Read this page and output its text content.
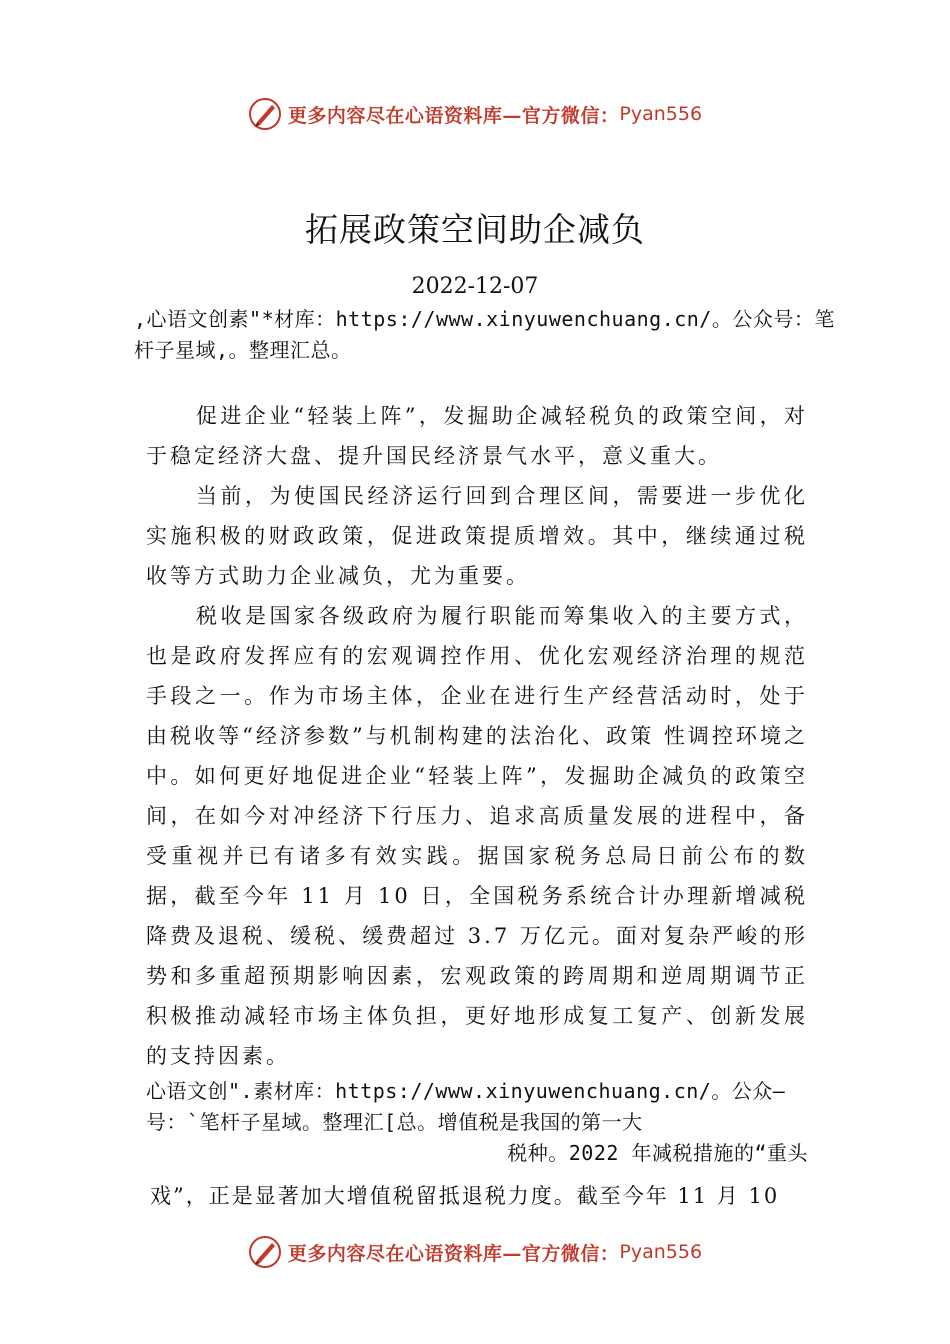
更多内容尽在心语资料库—官方微信： Pyan556
拓展政策空间助企减负
2022-12-07
,心语文创素"*材库：https://www.xinyuwenchuang.cn/。公众号：笔杆子星域,。整理汇总。

促进企业“轻装上阵”，发掘助企减轻税负的政策空间，对于稳定经济大盘、提升国民经济景气水平，意义重大。

当前，为使国民经济运行回到合理区间，需要进一步优化实施积极的财政政策，促进政策提质增效。其中，继续通过税收等方式助力企业减负，尤为重要。

税收是国家各级政府为履行职能而筹集收入的主要方式，也是政府发挥应有的宏观调控作用、优化宏观经济治理的规范手段之一。作为市场主体，企业在进行生产经营活动时，处于由税收等“经济参数”与机制构建的法治化、政策 性调控环境之中。如何更好地促进企业“轻装上阵”，发掘助企减负的政策空间，在如今对冲经济下行压力、追求高质量发展的进程中，备受重视并已有诸多有效实践。据国家税务总局日前公布的数据，截至今年 11 月 10 日，全国税务系统合计办理新增减税降费及退税、缓税、缓费超过 3.7 万亿元。面对复杂严峻的形势和多重超预期影响因素，宏观政策的跨周期和逆周期调节正积极推动减轻市场主体负担，更好地形成复工复产、创新发展的支持因素。

心语文创".素材库：https://www.xinyuwenchuang.cn/。公众—号：`笔杆子星域。整理汇[总。增值税是我国的第一大
税种。2022 年减税措施的“重头
戏”，正是显著加大增值税留抵退税力度。截至今年 11 月 10
更多内容尽在心语资料库—官方微信： Pyan556
